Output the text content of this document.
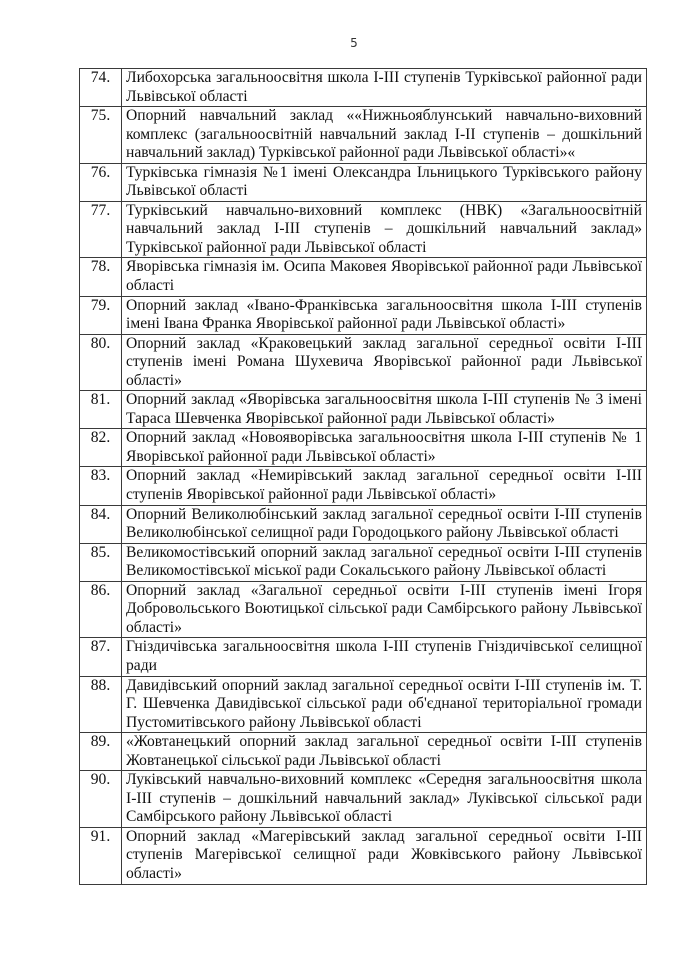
5
74.	Либохорська загальноосвітня школа І-ІІІ ступенів Турківської районної ради Львівської області
75.	Опорний навчальний заклад ««Нижньояблунський навчально-виховний комплекс (загальноосвітній навчальний заклад І-ІІ ступенів – дошкільний навчальний заклад) Турківської районної ради Львівської області»«
76.	Турківська гімназія №1 імені Олександра Ільницького Турківського району Львівської області
77.	Турківський навчально-виховний комплекс (НВК) «Загальноосвітній навчальний заклад І-ІІІ ступенів – дошкільний навчальний заклад» Турківської районної ради Львівської області
78.	Яворівська гімназія ім. Осипа Маковея Яворівської районної ради Львівської області
79.	Опорний заклад «Івано-Франківська загальноосвітня школа І-ІІІ ступенів імені Івана Франка Яворівської районної ради Львівської області»
80.	Опорний заклад «Краковецький заклад загальної середньої освіти І-ІІІ ступенів імені Романа Шухевича Яворівської районної ради Львівської області»
81.	Опорний заклад «Яворівська загальноосвітня школа І-ІІІ ступенів № 3 імені Тараса Шевченка Яворівської районної ради Львівської області»
82.	Опорний заклад «Новояворівська загальноосвітня школа І-ІІІ ступенів № 1 Яворівської районної ради Львівської області»
83.	Опорний заклад «Немирівський заклад загальної середньої освіти І-ІІІ ступенів Яворівської районної ради Львівської області»
84.	Опорний Великолюбінський заклад загальної середньої освіти І-ІІІ ступенів Великолюбінської селищної ради Городоцького району Львівської області
85.	Великомостівський опорний заклад загальної середньої освіти І-ІІІ ступенів Великомостівської міської ради Сокальського району Львівської області
86.	Опорний заклад «Загальної середньої освіти І-ІІІ ступенів імені Ігоря Добровольського Воютицької сільської ради Самбірського району Львівської області»
87.	Гніздичівська загальноосвітня школа І-ІІІ ступенів Гніздичівської селищної ради
88.	Давидівський опорний заклад загальної середньої освіти І-ІІІ ступенів ім. Т. Г. Шевченка Давидівської сільської ради об'єднаної територіальної громади Пустомитівського району Львівської області
89.	«Жовтанецький опорний заклад загальної середньої освіти І-ІІІ ступенів Жовтанецької сільської ради Львівської області
90.	Луківський навчально-виховний комплекс «Середня загальноосвітня школа І-ІІІ ступенів – дошкільний навчальний заклад» Луківської сільської ради Самбірського району Львівської області
91.	Опорний заклад «Магерівський заклад загальної середньої освіти І-ІІІ ступенів Магерівської селищної ради Жовківського району Львівської області»
